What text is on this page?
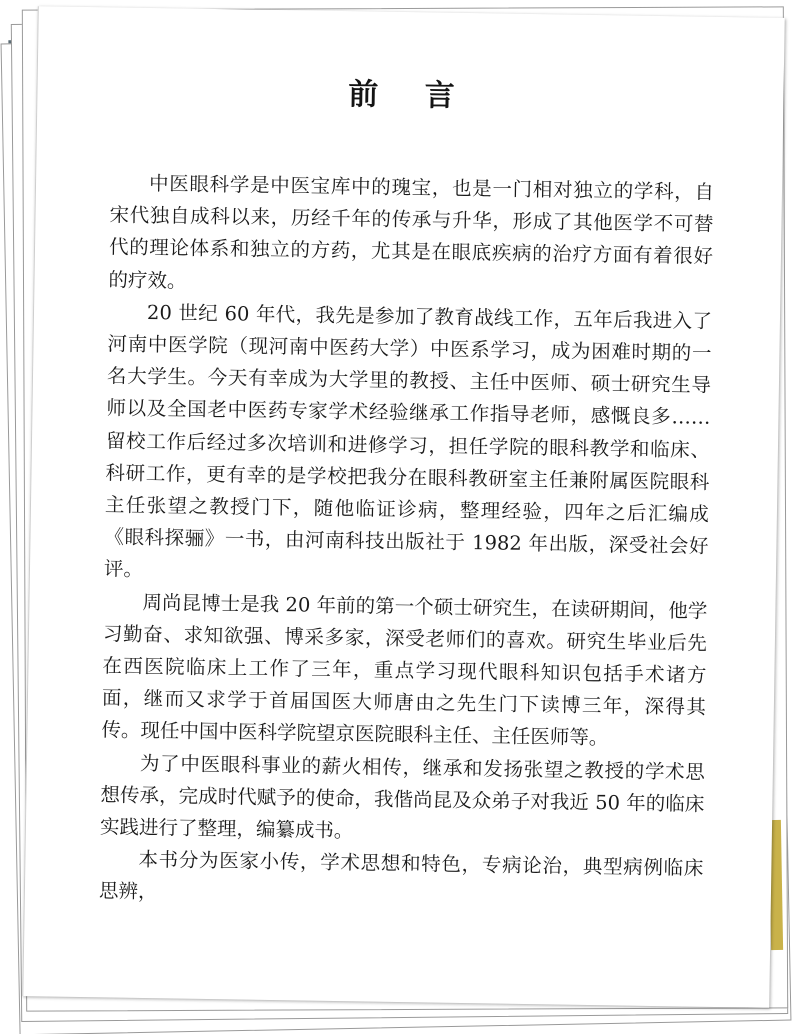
前 言

中医眼科学是中医宝库中的瑰宝，也是一门相对独立的学科，自宋代独自成科以来，历经千年的传承与升华，形成了其他医学不可替代的理论体系和独立的方药，尤其是在眼底疾病的治疗方面有着很好的疗效。

20 世纪 60 年代，我先是参加了教育战线工作，五年后我进入了河南中医学院（现河南中医药大学）中医系学习，成为困难时期的一名大学生。今天有幸成为大学里的教授、主任中医师、硕士研究生导师以及全国老中医药专家学术经验继承工作指导老师，感慨良多……留校工作后经过多次培训和进修学习，担任学院的眼科教学和临床、科研工作，更有幸的是学校把我分在眼科教研室主任兼附属医院眼科主任张望之教授门下，随他临证诊病，整理经验，四年之后汇编成《眼科探骊》一书，由河南科技出版社于 1982 年出版，深受社会好评。

周尚昆博士是我 20 年前的第一个硕士研究生，在读研期间，他学习勤奋、求知欲强、博采多家，深受老师们的喜欢。研究生毕业后先在西医院临床上工作了三年，重点学习现代眼科知识包括手术诸方面，继而又求学于首届国医大师唐由之先生门下读博三年，深得其传。现任中国中医科学院望京医院眼科主任、主任医师等。

为了中医眼科事业的薪火相传，继承和发扬张望之教授的学术思想传承，完成时代赋予的使命，我偕尚昆及众弟子对我近 50 年的临床实践进行了整理，编纂成书。

本书分为医家小传，学术思想和特色，专病论治，典型病例临床思辨，
